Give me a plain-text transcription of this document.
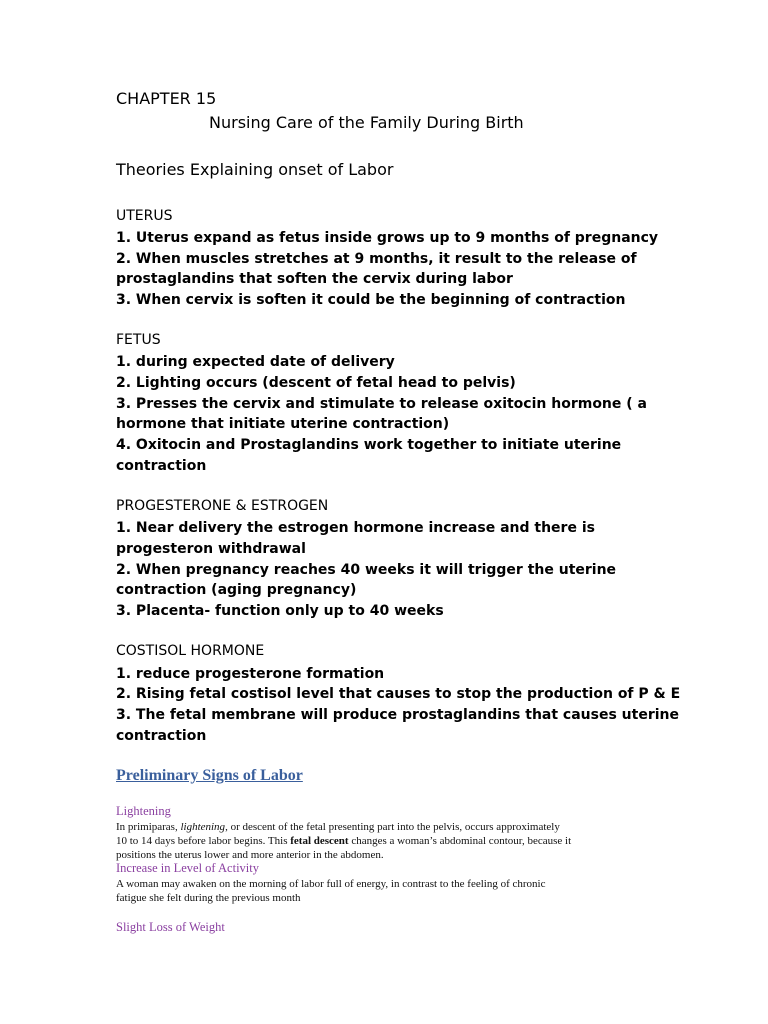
CHAPTER 15
Nursing Care of the Family During Birth
Theories Explaining onset of Labor
UTERUS
1. Uterus expand as fetus inside grows up to 9 months of pregnancy
2. When muscles stretches at 9 months, it result to the release of
prostaglandins that soften the cervix during labor
3. When cervix is soften it could be the beginning of contraction
FETUS
1. during expected date of delivery
2. Lighting occurs (descent of fetal head to pelvis)
3. Presses the cervix and stimulate to release oxitocin hormone ( a
hormone that initiate uterine contraction)
4. Oxitocin and Prostaglandins work together to initiate uterine
contraction
PROGESTERONE & ESTROGEN
1. Near delivery the estrogen hormone increase and there is
progesteron withdrawal
2. When pregnancy reaches 40 weeks it will trigger the uterine
contraction (aging pregnancy)
3. Placenta- function only up to 40 weeks
COSTISOL HORMONE
1. reduce progesterone formation
2. Rising fetal costisol level that causes to stop the production of P & E
3. The fetal membrane will produce prostaglandins that causes uterine
contraction
Preliminary Signs of Labor
Lightening
In primiparas, lightening, or descent of the fetal presenting part into the pelvis, occurs approximately
10 to 14 days before labor begins. This fetal descent changes a woman’s abdominal contour, because it
positions the uterus lower and more anterior in the abdomen.
Increase in Level of Activity
A woman may awaken on the morning of labor full of energy, in contrast to the feeling of chronic
fatigue she felt during the previous month
Slight Loss of Weight
